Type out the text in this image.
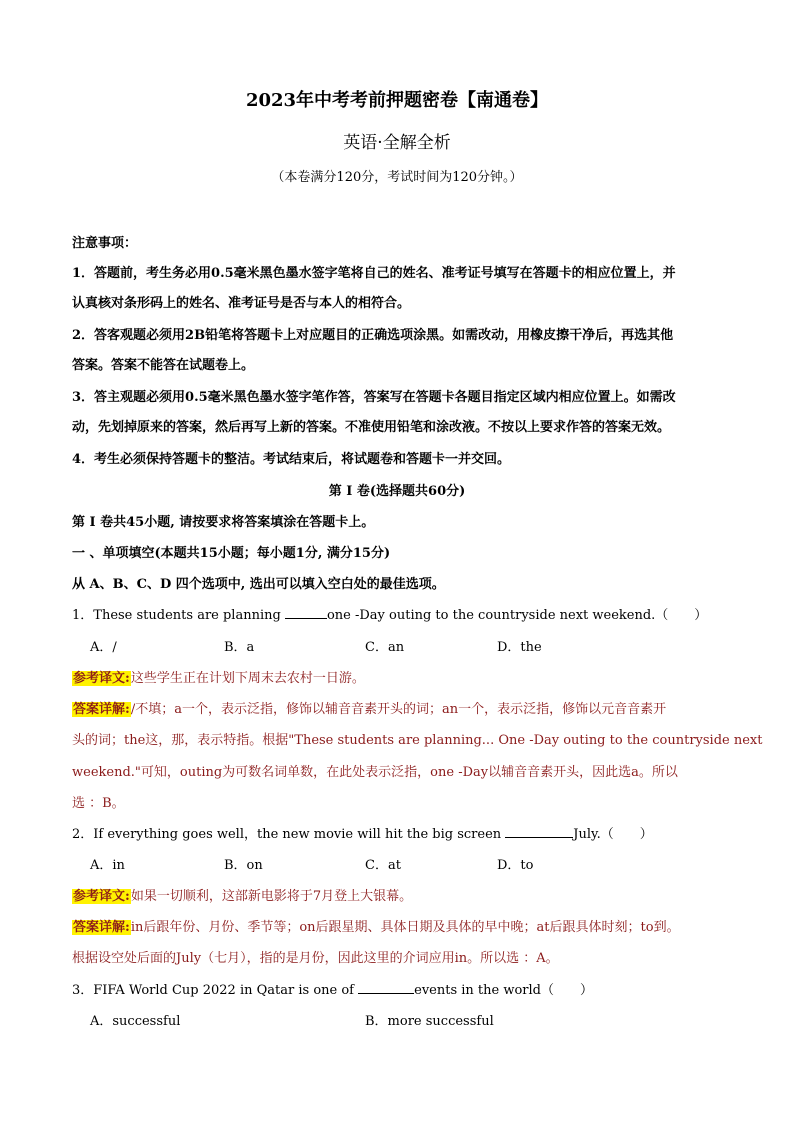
2023年中考考前押题密卷【南通卷】
英语·全解全析
（本卷满分120分，考试时间为120分钟。）
注意事项：
1．答题前，考生务必用0.5毫米黑色墨水签字笔将自己的姓名、准考证号填写在答题卡的相应位置上，并
认真核对条形码上的姓名、准考证号是否与本人的相符合。
2．答客观题必须用2B铅笔将答题卡上对应题目的正确选项涂黑。如需改动，用橡皮擦干净后，再选其他
答案。答案不能答在试题卷上。
3．答主观题必须用0.5毫米黑色墨水签字笔作答，答案写在答题卡各题目指定区域内相应位置上。如需改
动，先划掉原来的答案，然后再写上新的答案。不准使用铅笔和涂改液。不按以上要求作答的答案无效。
4．考生必须保持答题卡的整洁。考试结束后，将试题卷和答题卡一并交回。
第 I 卷(选择题共60分)
第 I 卷共45小题, 请按要求将答案填涂在答题卡上。
一 、单项填空(本题共15小题；每小题1分, 满分15分)
从 A、B、C、D 四个选项中, 选出可以填入空白处的最佳选项。
1．These students are planning	one -Day outing to the countryside next weekend.（　　）
A．/	B．a	C．an	D．the
参考译文:这些学生正在计划下周末去农村一日游。
答案详解:/不填；a一个，表示泛指，修饰以辅音音素开头的词；an一个，表示泛指，修饰以元音音素开
头的词；the这，那，表示特指。根据"These students are planning... One -Day outing to the countryside next
weekend."可知，outing为可数名词单数，在此处表示泛指，one -Day以辅音音素开头，因此选a。所以
选 ：B。
2．If everything goes well，the new movie will hit the big screen	July.（　　）
A．in	B．on	C．at	D．to
参考译文:如果一切顺利，这部新电影将于7月登上大银幕。
答案详解:in后跟年份、月份、季节等；on后跟星期、具体日期及具体的早中晚；at后跟具体时刻；to到。
根据设空处后面的July（七月），指的是月份，因此这里的介词应用in。所以选 ：A。
3．FIFA World Cup 2022 in Qatar is one of	events in the world（　　）
A．successful	B．more successful
